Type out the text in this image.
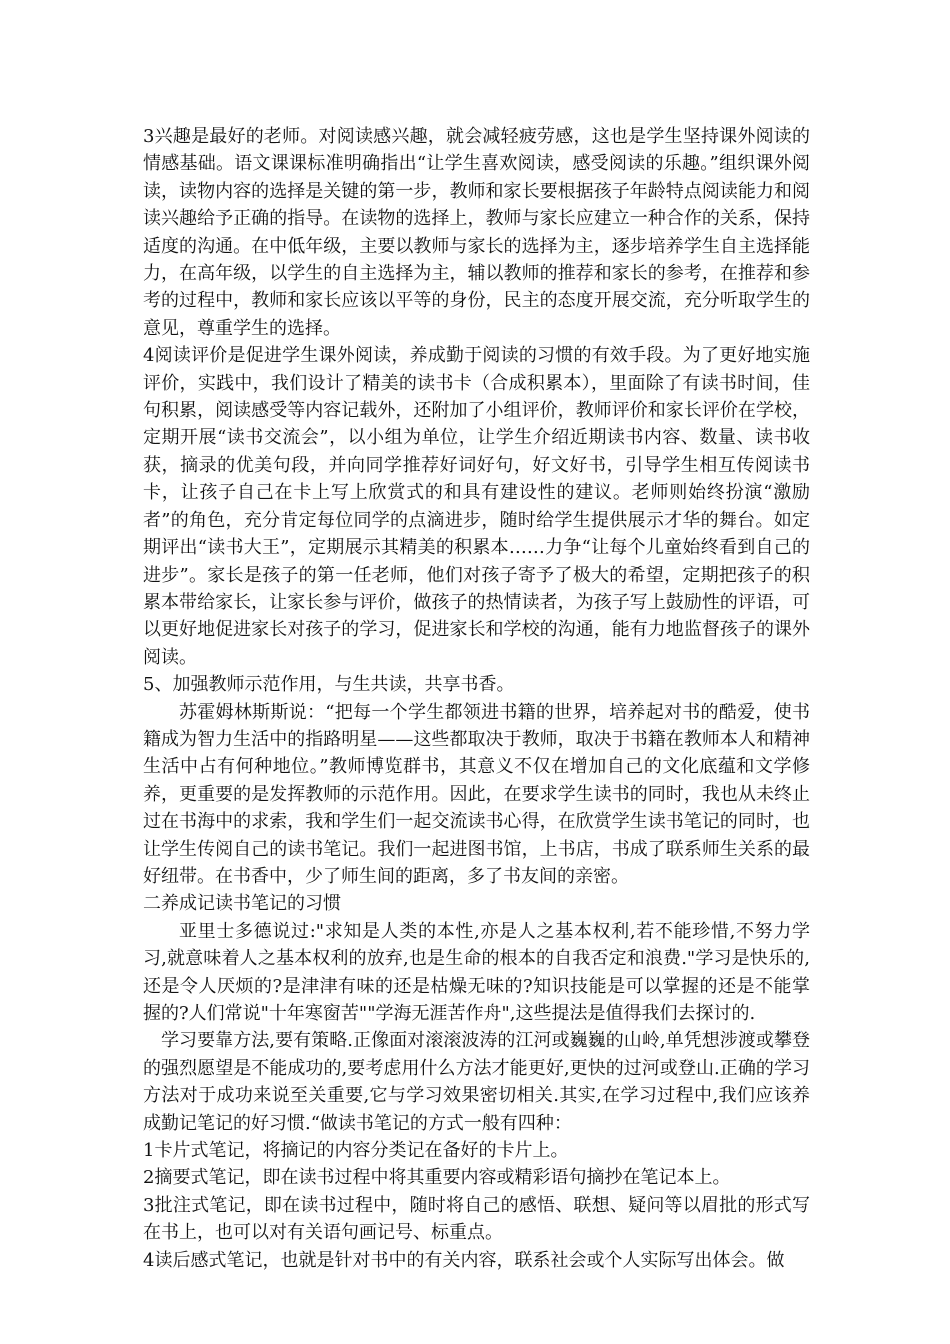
3兴趣是最好的老师。对阅读感兴趣，就会减轻疲劳感，这也是学生坚持课外阅读的情感基础。语文课课标准明确指出“让学生喜欢阅读，感受阅读的乐趣。”组织课外阅读，读物内容的选择是关键的第一步，教师和家长要根据孩子年龄特点阅读能力和阅读兴趣给予正确的指导。在读物的选择上，教师与家长应建立一种合作的关系，保持适度的沟通。在中低年级，主要以教师与家长的选择为主，逐步培养学生自主选择能力，在高年级，以学生的自主选择为主，辅以教师的推荐和家长的参考，在推荐和参考的过程中，教师和家长应该以平等的身份，民主的态度开展交流，充分听取学生的意见，尊重学生的选择。

4阅读评价是促进学生课外阅读，养成勤于阅读的习惯的有效手段。为了更好地实施评价，实践中，我们设计了精美的读书卡（合成积累本），里面除了有读书时间，佳句积累，阅读感受等内容记载外，还附加了小组评价，教师评价和家长评价在学校，定期开展“读书交流会”，以小组为单位，让学生介绍近期读书内容、数量、读书收获，摘录的优美句段，并向同学推荐好词好句，好文好书，引导学生相互传阅读书卡，让孩子自己在卡上写上欣赏式的和具有建设性的建议。老师则始终扮演“激励者”的角色，充分肯定每位同学的点滴进步，随时给学生提供展示才华的舞台。如定期评出“读书大王”，定期展示其精美的积累本……力争“让每个儿童始终看到自己的进步”。家长是孩子的第一任老师，他们对孩子寄予了极大的希望，定期把孩子的积累本带给家长，让家长参与评价，做孩子的热情读者，为孩子写上鼓励性的评语，可以更好地促进家长对孩子的学习，促进家长和学校的沟通，能有力地监督孩子的课外阅读。

5、加强教师示范作用，与生共读，共享书香。

苏霍姆林斯斯说：“把每一个学生都领进书籍的世界，培养起对书的酷爱，使书籍成为智力生活中的指路明星——这些都取决于教师，取决于书籍在教师本人和精神生活中占有何种地位。”教师博览群书，其意义不仅在增加自己的文化底蕴和文学修养，更重要的是发挥教师的示范作用。因此，在要求学生读书的同时，我也从未终止过在书海中的求索，我和学生们一起交流读书心得，在欣赏学生读书笔记的同时，也让学生传阅自己的读书笔记。我们一起进图书馆，上书店，书成了联系师生关系的最好纽带。在书香中，少了师生间的距离，多了书友间的亲密。

二养成记读书笔记的习惯

亚里士多德说过:"求知是人类的本性,亦是人之基本权利,若不能珍惜,不努力学习,就意味着人之基本权利的放弃,也是生命的根本的自我否定和浪费."学习是快乐的,还是令人厌烦的?是津津有味的还是枯燥无味的?知识技能是可以掌握的还是不能掌握的?人们常说"十年寒窗苦""学海无涯苦作舟",这些提法是值得我们去探讨的.

学习要靠方法,要有策略.正像面对滚滚波涛的江河或巍巍的山岭,单凭想涉渡或攀登的强烈愿望是不能成功的,要考虑用什么方法才能更好,更快的过河或登山.正确的学习方法对于成功来说至关重要,它与学习效果密切相关.其实,在学习过程中,我们应该养成勤记笔记的好习惯.“做读书笔记的方式一般有四种：

1卡片式笔记，将摘记的内容分类记在备好的卡片上。

2摘要式笔记，即在读书过程中将其重要内容或精彩语句摘抄在笔记本上。

3批注式笔记，即在读书过程中，随时将自己的感悟、联想、疑问等以眉批的形式写在书上，也可以对有关语句画记号、标重点。

4读后感式笔记，也就是针对书中的有关内容，联系社会或个人实际写出体会。做
